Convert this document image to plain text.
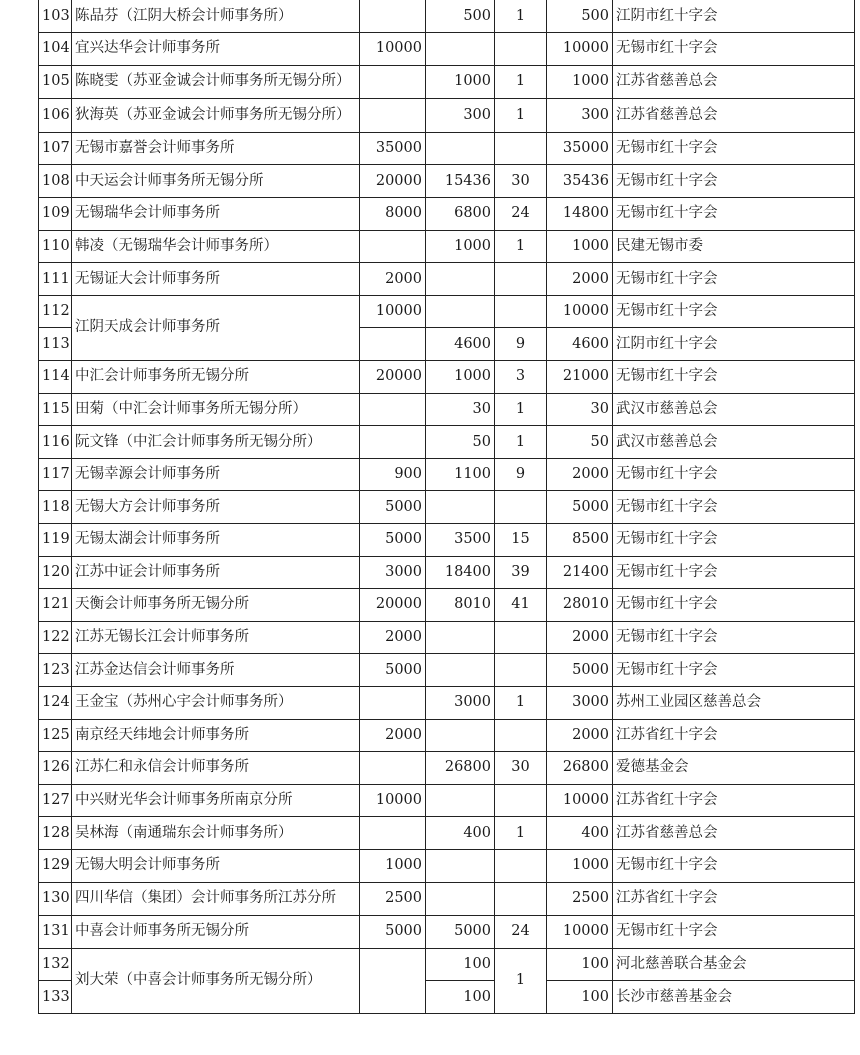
103	陈品芬（江阴大桥会计师事务所）		500	1	500	江阴市红十字会
104	宜兴达华会计师事务所	10000			10000	无锡市红十字会
105	陈晓雯（苏亚金诚会计师事务所无锡分所）		1000	1	1000	江苏省慈善总会
106	狄海英（苏亚金诚会计师事务所无锡分所）		300	1	300	江苏省慈善总会
107	无锡市嘉誉会计师事务所	35000			35000	无锡市红十字会
108	中天运会计师事务所无锡分所	20000	15436	30	35436	无锡市红十字会
109	无锡瑞华会计师事务所	8000	6800	24	14800	无锡市红十字会
110	韩凌（无锡瑞华会计师事务所）		1000	1	1000	民建无锡市委
111	无锡证大会计师事务所	2000			2000	无锡市红十字会
112	江阴天成会计师事务所	10000			10000	无锡市红十字会
113			4600	9	4600	江阴市红十字会
114	中汇会计师事务所无锡分所	20000	1000	3	21000	无锡市红十字会
115	田菊（中汇会计师事务所无锡分所）		30	1	30	武汉市慈善总会
116	阮文锋（中汇会计师事务所无锡分所）		50	1	50	武汉市慈善总会
117	无锡幸源会计师事务所	900	1100	9	2000	无锡市红十字会
118	无锡大方会计师事务所	5000			5000	无锡市红十字会
119	无锡太湖会计师事务所	5000	3500	15	8500	无锡市红十字会
120	江苏中证会计师事务所	3000	18400	39	21400	无锡市红十字会
121	天衡会计师事务所无锡分所	20000	8010	41	28010	无锡市红十字会
122	江苏无锡长江会计师事务所	2000			2000	无锡市红十字会
123	江苏金达信会计师事务所	5000			5000	无锡市红十字会
124	王金宝（苏州心宇会计师事务所）		3000	1	3000	苏州工业园区慈善总会
125	南京经天纬地会计师事务所	2000			2000	江苏省红十字会
126	江苏仁和永信会计师事务所		26800	30	26800	爱德基金会
127	中兴财光华会计师事务所南京分所	10000			10000	江苏省红十字会
128	吴林海（南通瑞东会计师事务所）		400	1	400	江苏省慈善总会
129	无锡大明会计师事务所	1000			1000	无锡市红十字会
130	四川华信（集团）会计师事务所江苏分所	2500			2500	江苏省红十字会
131	中喜会计师事务所无锡分所	5000	5000	24	10000	无锡市红十字会
132	刘大荣（中喜会计师事务所无锡分所）		100	1	100	河北慈善联合基金会
133			100		100	长沙市慈善基金会
